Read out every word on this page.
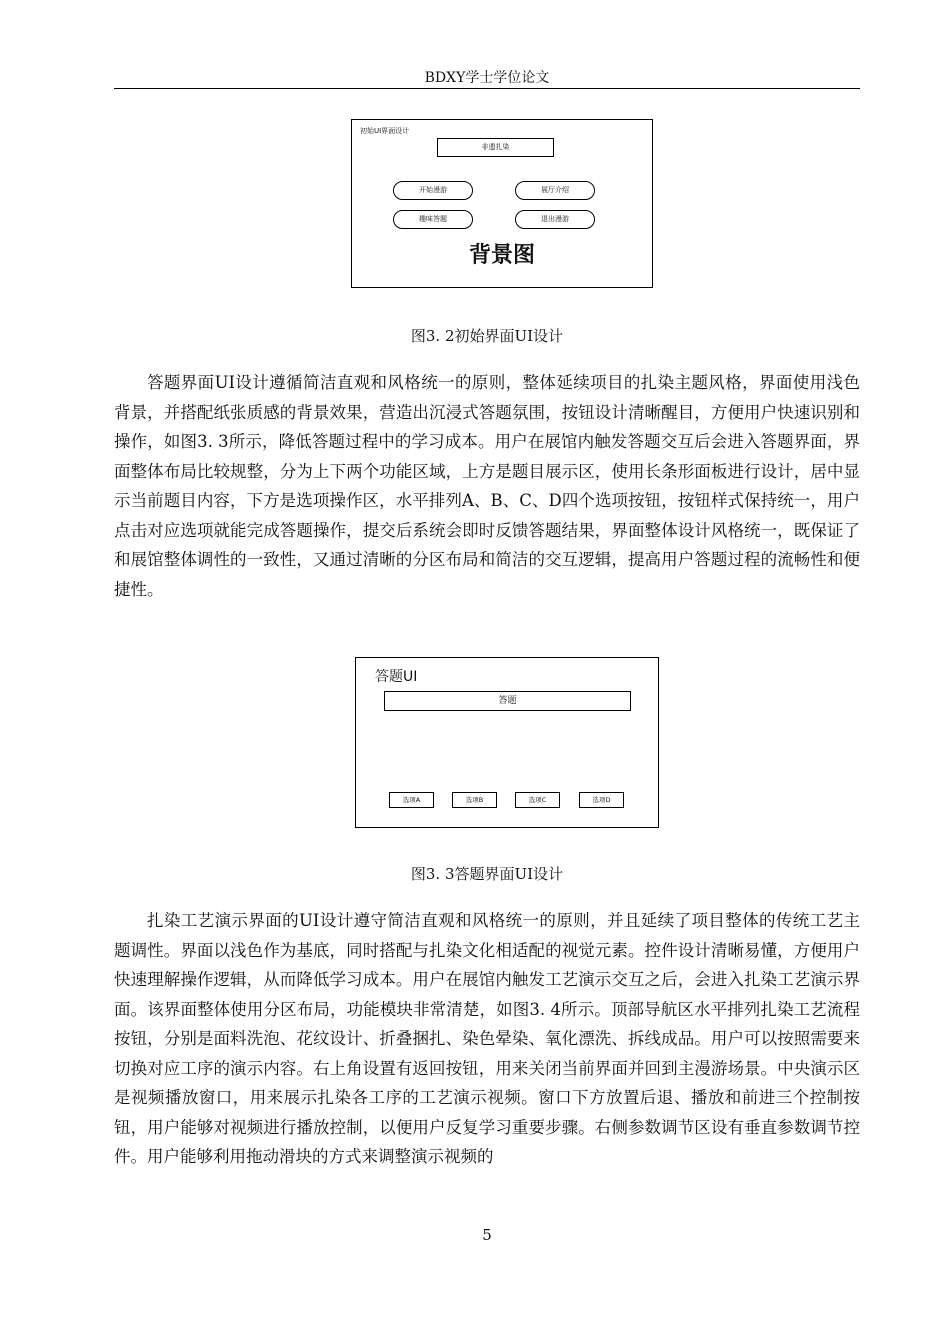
BDXY学士学位论文
初始UI界面设计
非遗扎染
开始漫游	展厅介绍
趣味答题	退出漫游
背景图
图3. 2初始界面UI设计

答题界面UI设计遵循简洁直观和风格统一的原则，整体延续项目的扎染主题风格，界面使用浅色背景，并搭配纸张质感的背景效果，营造出沉浸式答题氛围，按钮设计清晰醒目，方便用户快速识别和操作，如图3. 3所示，降低答题过程中的学习成本。用户在展馆内触发答题交互后会进入答题界面，界面整体布局比较规整，分为上下两个功能区域，上方是题目展示区，使用长条形面板进行设计，居中显示当前题目内容，下方是选项操作区，水平排列A、B、C、D四个选项按钮，按钮样式保持统一，用户点击对应选项就能完成答题操作，提交后系统会即时反馈答题结果，界面整体设计风格统一，既保证了和展馆整体调性的一致性，又通过清晰的分区布局和简洁的交互逻辑，提高用户答题过程的流畅性和便捷性。

答题UI
答题
选项A	选项B	选项C	选项D
图3. 3答题界面UI设计

扎染工艺演示界面的UI设计遵守简洁直观和风格统一的原则，并且延续了项目整体的传统工艺主题调性。界面以浅色作为基底，同时搭配与扎染文化相适配的视觉元素。控件设计清晰易懂，方便用户快速理解操作逻辑，从而降低学习成本。用户在展馆内触发工艺演示交互之后，会进入扎染工艺演示界面。该界面整体使用分区布局，功能模块非常清楚，如图3. 4所示。顶部导航区水平排列扎染工艺流程按钮，分别是面料洗泡、花纹设计、折叠捆扎、染色晕染、氧化漂洗、拆线成品。用户可以按照需要来切换对应工序的演示内容。右上角设置有返回按钮，用来关闭当前界面并回到主漫游场景。中央演示区是视频播放窗口，用来展示扎染各工序的工艺演示视频。窗口下方放置后退、播放和前进三个控制按钮，用户能够对视频进行播放控制，以便用户反复学习重要步骤。右侧参数调节区设有垂直参数调节控件。用户能够利用拖动滑块的方式来调整演示视频的

5
